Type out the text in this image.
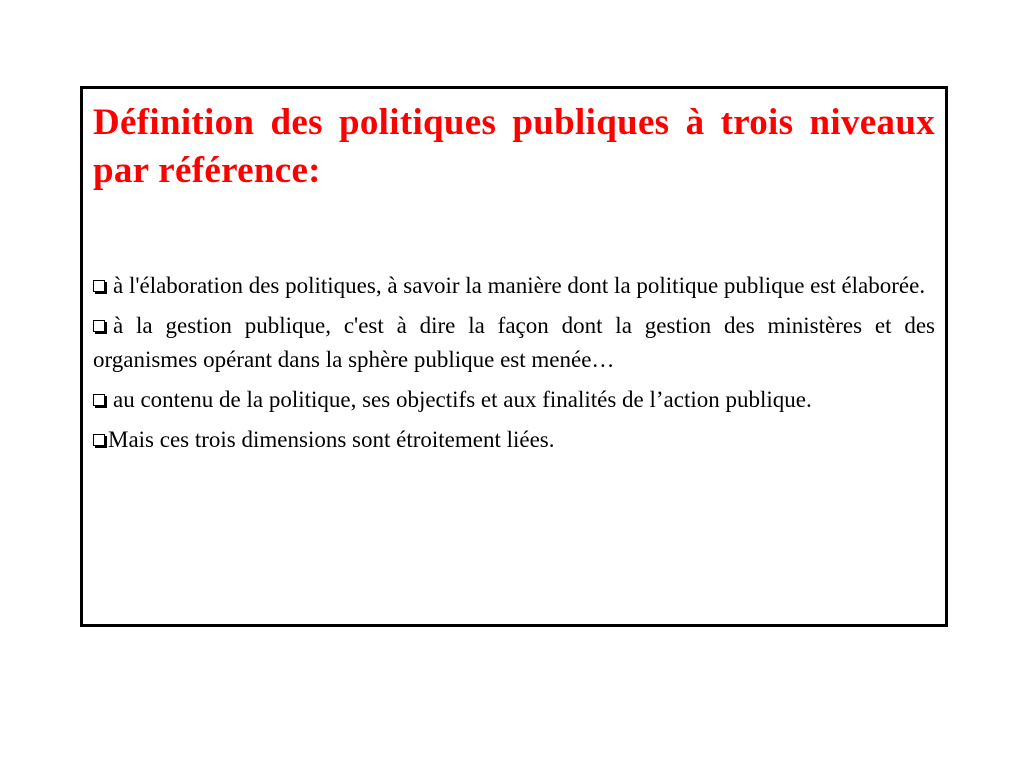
Définition des politiques publiques à trois niveaux par référence:
à l'élaboration des politiques, à savoir la manière dont la politique publique est élaborée.
à la gestion publique, c'est à dire la façon dont la gestion des ministères et des organismes opérant dans la sphère publique est menée…
au contenu de la politique, ses objectifs et aux finalités de l’action publique.
Mais ces trois dimensions sont étroitement liées.
